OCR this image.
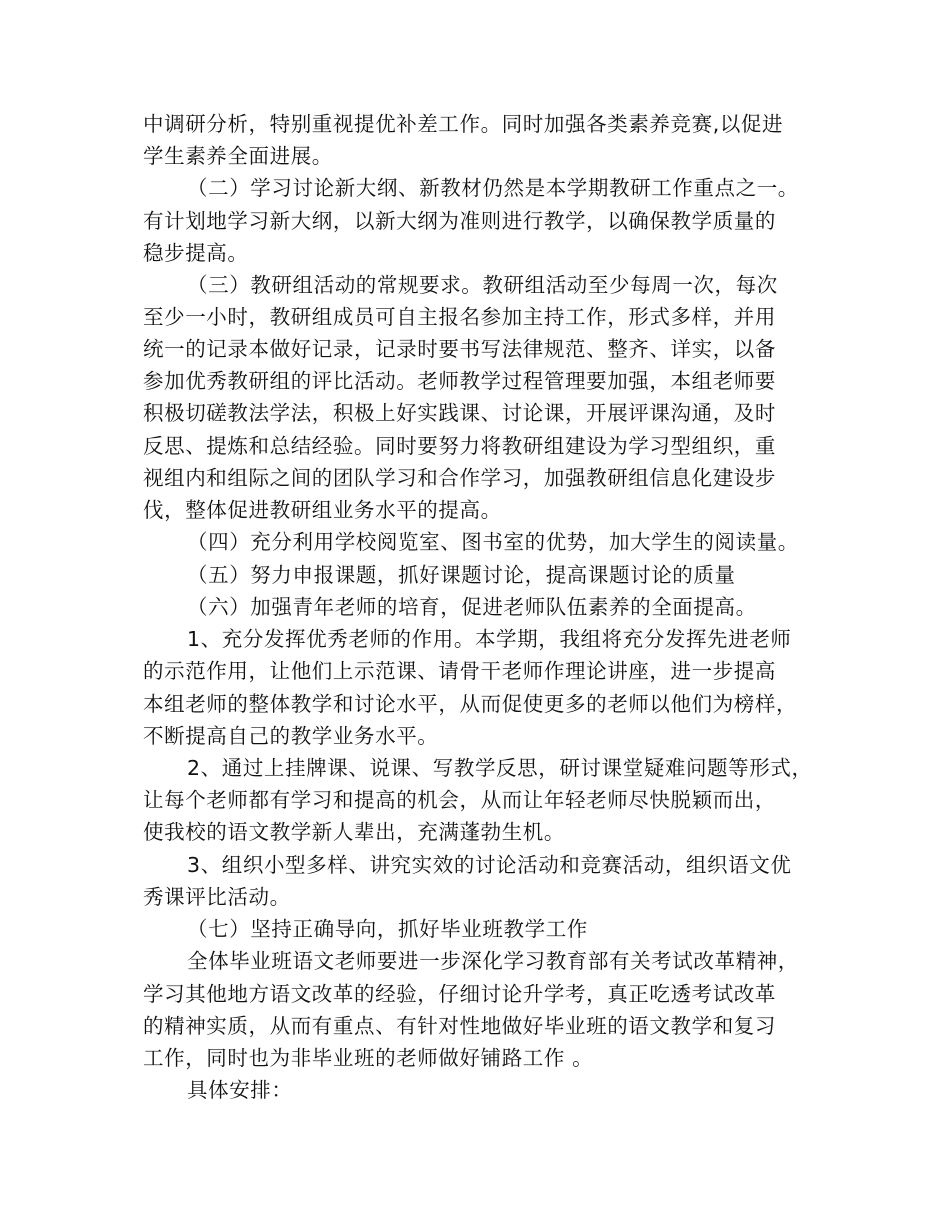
中调研分析，特别重视提优补差工作。同时加强各类素养竞赛,以促进
学生素养全面进展。
（二）学习讨论新大纲、新教材仍然是本学期教研工作重点之一。
有计划地学习新大纲，以新大纲为准则进行教学，以确保教学质量的
稳步提高。
（三）教研组活动的常规要求。教研组活动至少每周一次，每次
至少一小时，教研组成员可自主报名参加主持工作，形式多样，并用
统一的记录本做好记录，记录时要书写法律规范、整齐、详实，以备
参加优秀教研组的评比活动。老师教学过程管理要加强，本组老师要
积极切磋教法学法，积极上好实践课、讨论课，开展评课沟通，及时
反思、提炼和总结经验。同时要努力将教研组建设为学习型组织，重
视组内和组际之间的团队学习和合作学习，加强教研组信息化建设步
伐，整体促进教研组业务水平的提高。
（四）充分利用学校阅览室、图书室的优势，加大学生的阅读量。
（五）努力申报课题，抓好课题讨论，提高课题讨论的质量
（六）加强青年老师的培育，促进老师队伍素养的全面提高。
1、充分发挥优秀老师的作用。本学期，我组将充分发挥先进老师
的示范作用，让他们上示范课、请骨干老师作理论讲座，进一步提高
本组老师的整体教学和讨论水平，从而促使更多的老师以他们为榜样，
不断提高自己的教学业务水平。
2、通过上挂牌课、说课、写教学反思，研讨课堂疑难问题等形式，
让每个老师都有学习和提高的机会，从而让年轻老师尽快脱颖而出，
使我校的语文教学新人辈出，充满蓬勃生机。
3、组织小型多样、讲究实效的讨论活动和竞赛活动，组织语文优
秀课评比活动。
（七）坚持正确导向，抓好毕业班教学工作
全体毕业班语文老师要进一步深化学习教育部有关考试改革精神，
学习其他地方语文改革的经验，仔细讨论升学考，真正吃透考试改革
的精神实质，从而有重点、有针对性地做好毕业班的语文教学和复习
工作，同时也为非毕业班的老师做好铺路工作 。
具体安排：
